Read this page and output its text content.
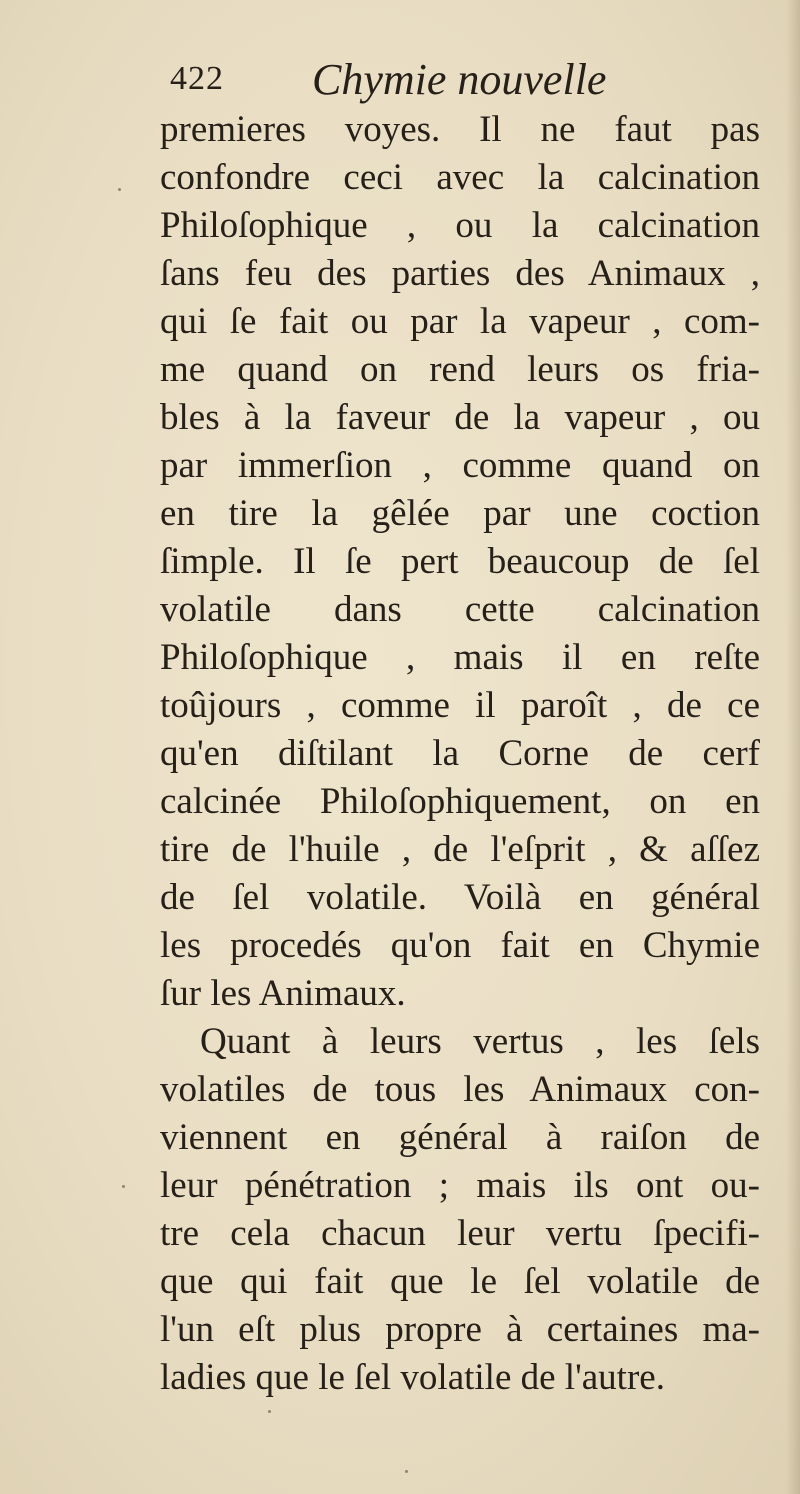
422 Chymie nouvelle
premieres voyes. Il ne faut pas
confondre ceci avec la calcination
Philoſophique , ou la calcination
ſans feu des parties des Animaux ,
qui ſe fait ou par la vapeur , com-
me quand on rend leurs os fria-
bles à la faveur de la vapeur , ou
par immerſion , comme quand on
en tire la gêlée par une coction
ſimple. Il ſe pert beaucoup de ſel
volatile dans cette calcination
Philoſophique , mais il en reſte
toûjours , comme il paroît , de ce
qu'en diſtilant la Corne de cerf
calcinée Philoſophiquement, on en
tire de l'huile , de l'eſprit , & aſſez
de ſel volatile. Voilà en général
les procedés qu'on fait en Chymie
ſur les Animaux.
Quant à leurs vertus , les ſels
volatiles de tous les Animaux con-
viennent en général à raiſon de
leur pénétration ; mais ils ont ou-
tre cela chacun leur vertu ſpecifi-
que qui fait que le ſel volatile de
l'un eſt plus propre à certaines ma-
ladies que le ſel volatile de l'autre.
